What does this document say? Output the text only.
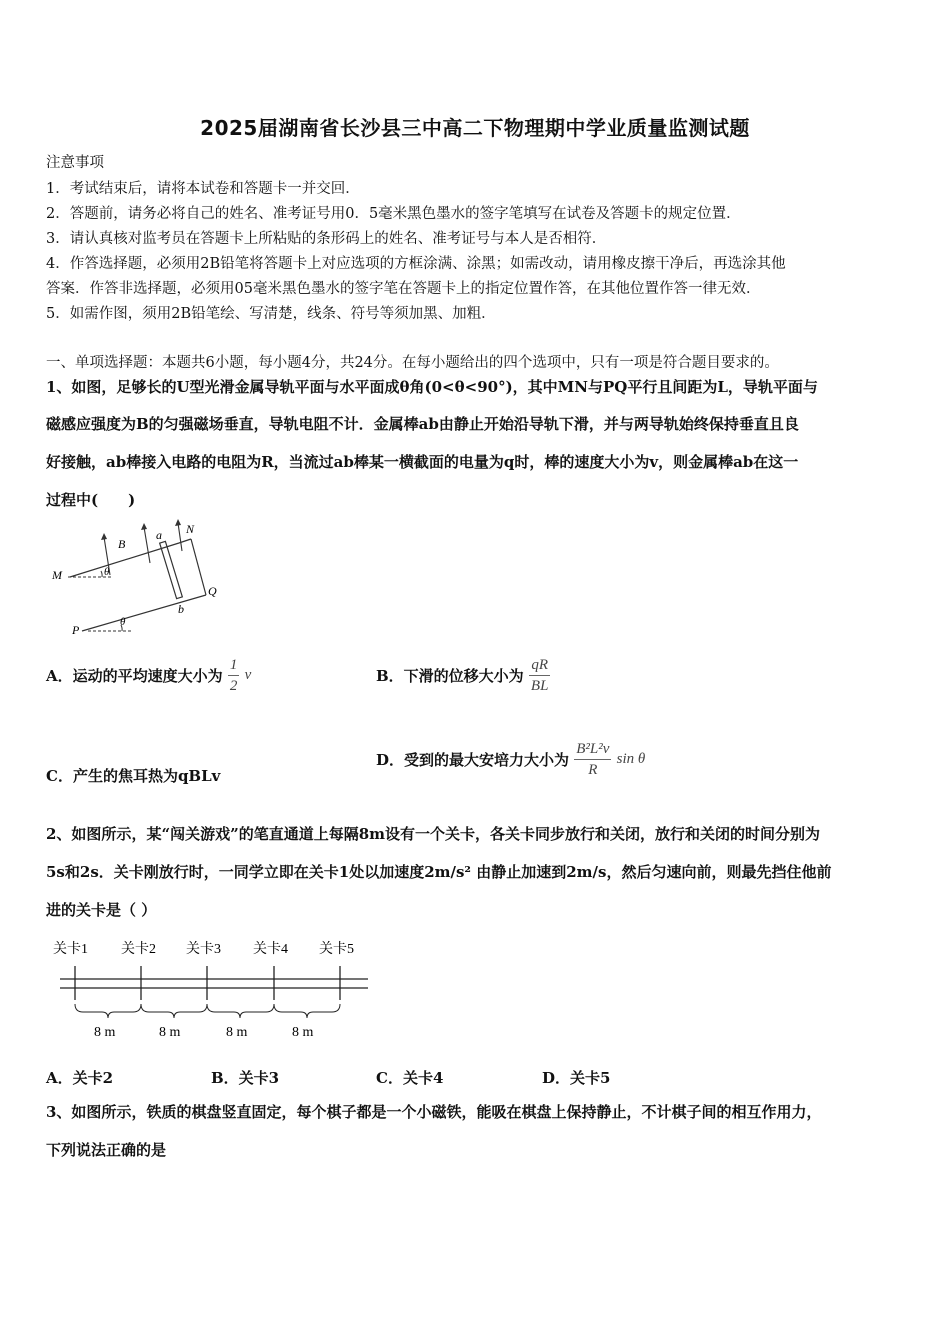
2025届湖南省长沙县三中高二下物理期中学业质量监测试题
注意事项
1．考试结束后，请将本试卷和答题卡一并交回．
2．答题前，请务必将自己的姓名、准考证号用0．5毫米黑色墨水的签字笔填写在试卷及答题卡的规定位置．
3．请认真核对监考员在答题卡上所粘贴的条形码上的姓名、准考证号与本人是否相符．
4．作答选择题，必须用2B铅笔将答题卡上对应选项的方框涂满、涂黑；如需改动，请用橡皮擦干净后，再选涂其他
答案．作答非选择题，必须用05毫米黑色墨水的签字笔在答题卡上的指定位置作答，在其他位置作答一律无效．
5．如需作图，须用2B铅笔绘、写清楚，线条、符号等须加黑、加粗．
一、单项选择题：本题共6小题，每小题4分，共24分。在每小题给出的四个选项中，只有一项是符合题目要求的。
1、如图，足够长的U型光滑金属导轨平面与水平面成θ角(0<θ<90°)，其中MN与PQ平行且间距为L，导轨平面与
磁感应强度为B的匀强磁场垂直，导轨电阻不计．金属棒ab由静止开始沿导轨下滑，并与两导轨始终保持垂直且良
好接触，ab棒接入电路的电阻为R，当流过ab棒某一横截面的电量为q时，棒的速度大小为v，则金属棒ab在这一
过程中(　　)
M
N
P
Q
a
b
B
θ
θ
A．运动的平均速度大小为 $\frac{1}{2}$ v	B．下滑的位移大小为 $\frac{qR}{BL}$
C．产生的焦耳热为qBLv
D．受到的最大安培力大小为 $\frac{\text{B²L²v}}{R}$ sin θ
2、如图所示，某“闯关游戏”的笔直通道上每隔8m设有一个关卡，各关卡同步放行和关闭，放行和关闭的时间分别为
5s和2s．关卡刚放行时，一同学立即在关卡1处以加速度2m/s² 由静止加速到2m/s，然后匀速向前，则最先挡住他前
进的关卡是（ ）
关卡1 关卡2 关卡3 关卡4 关卡5
8 m	8 m	8 m	8 m
A．关卡2	B．关卡3	C．关卡4	D．关卡5
3、如图所示，铁质的棋盘竖直固定，每个棋子都是一个小磁铁，能吸在棋盘上保持静止，不计棋子间的相互作用力，
下列说法正确的是
